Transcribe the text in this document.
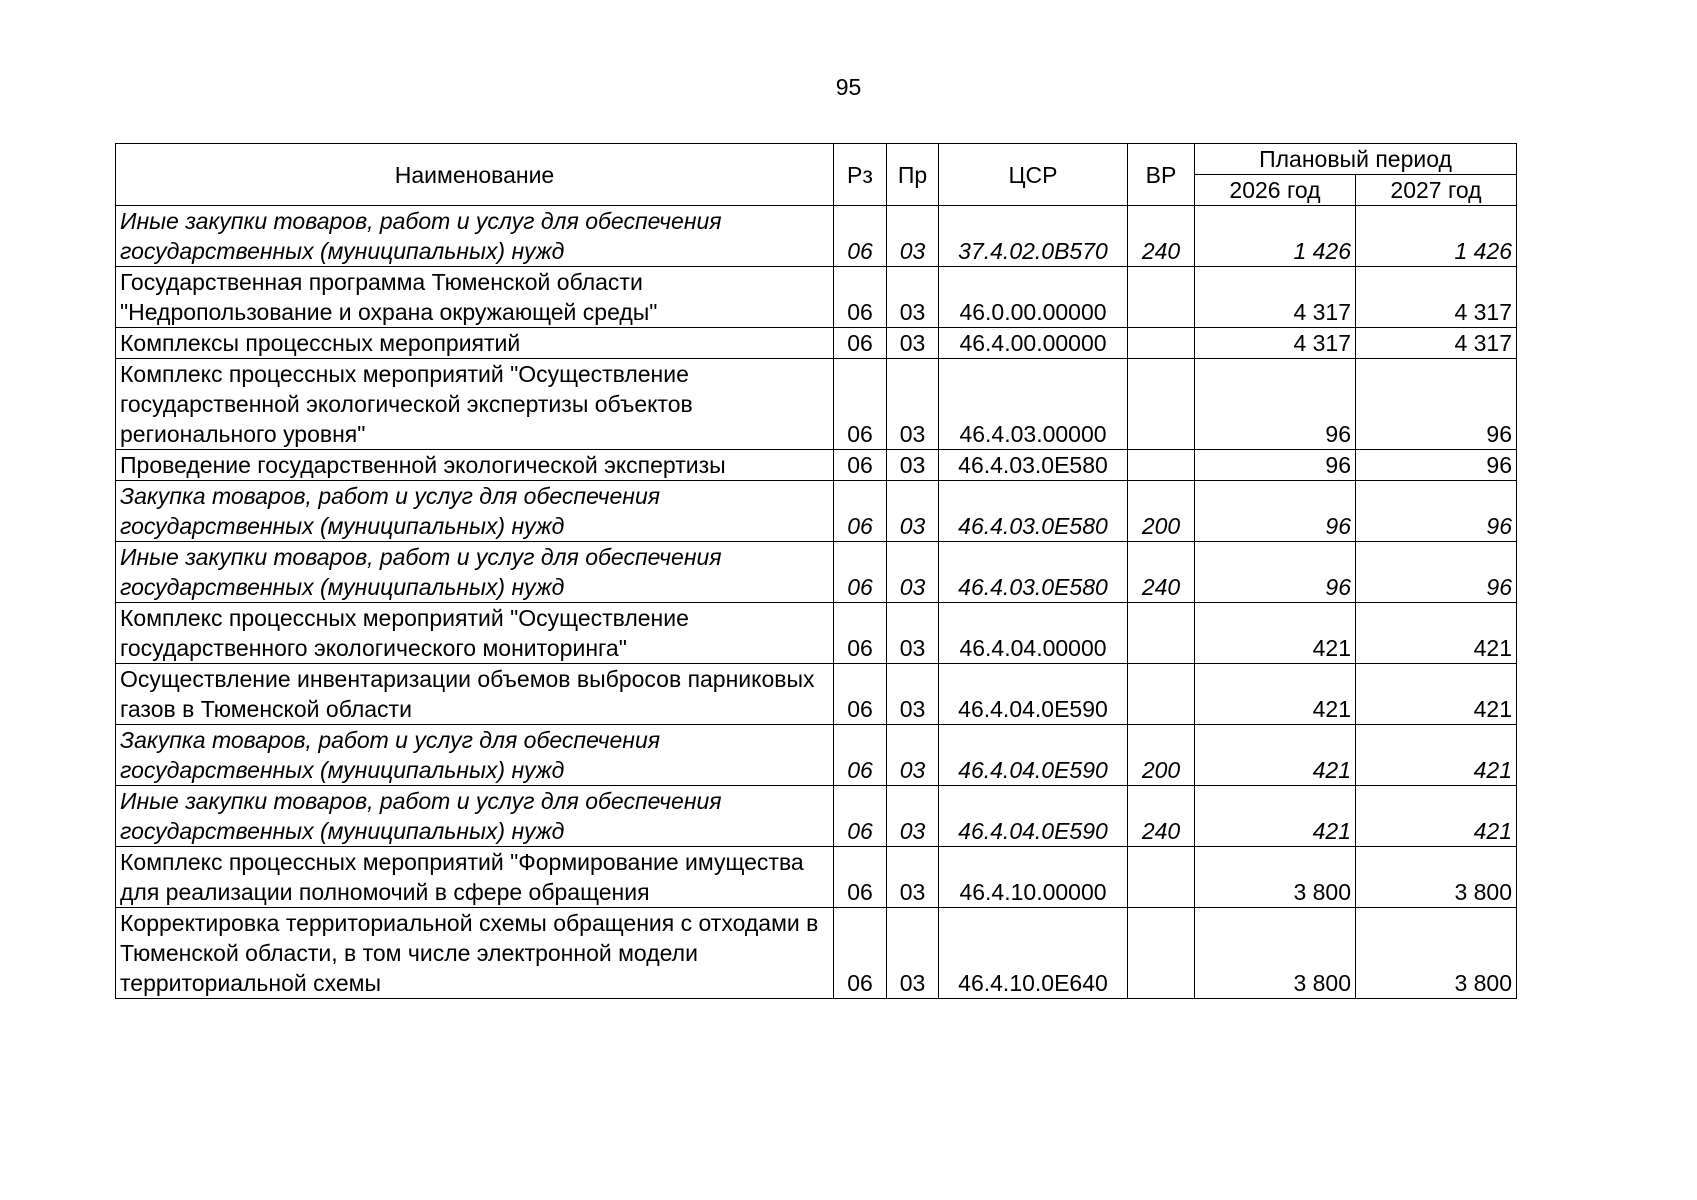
95
Наименование	Рз	Пр	ЦСР	ВР	Плановый период	
					2026 год	2027 год
Иные закупки товаров, работ и услуг для обеспечения государственных (муниципальных) нужд	06	03	37.4.02.0В570	240	1 426	1 426
Государственная программа Тюменской области "Недропользование и охрана окружающей среды"	06	03	46.0.00.00000		4 317	4 317
Комплексы процессных мероприятий	06	03	46.4.00.00000		4 317	4 317
Комплекс процессных мероприятий "Осуществление государственной экологической экспертизы объектов регионального уровня"	06	03	46.4.03.00000		96	96
Проведение государственной экологической экспертизы	06	03	46.4.03.0Е580		96	96
Закупка товаров, работ и услуг для обеспечения государственных (муниципальных) нужд	06	03	46.4.03.0Е580	200	96	96
Иные закупки товаров, работ и услуг для обеспечения государственных (муниципальных) нужд	06	03	46.4.03.0Е580	240	96	96
Комплекс процессных мероприятий "Осуществление государственного экологического мониторинга"	06	03	46.4.04.00000		421	421
Осуществление инвентаризации объемов выбросов парниковых газов в Тюменской области	06	03	46.4.04.0Е590		421	421
Закупка товаров, работ и услуг для обеспечения государственных (муниципальных) нужд	06	03	46.4.04.0Е590	200	421	421
Иные закупки товаров, работ и услуг для обеспечения государственных (муниципальных) нужд	06	03	46.4.04.0Е590	240	421	421
Комплекс процессных мероприятий "Формирование имущества для реализации полномочий в сфере обращения	06	03	46.4.10.00000		3 800	3 800
Корректировка территориальной схемы обращения с отходами в Тюменской области, в том числе электронной модели территориальной схемы	06	03	46.4.10.0Е640		3 800	3 800
